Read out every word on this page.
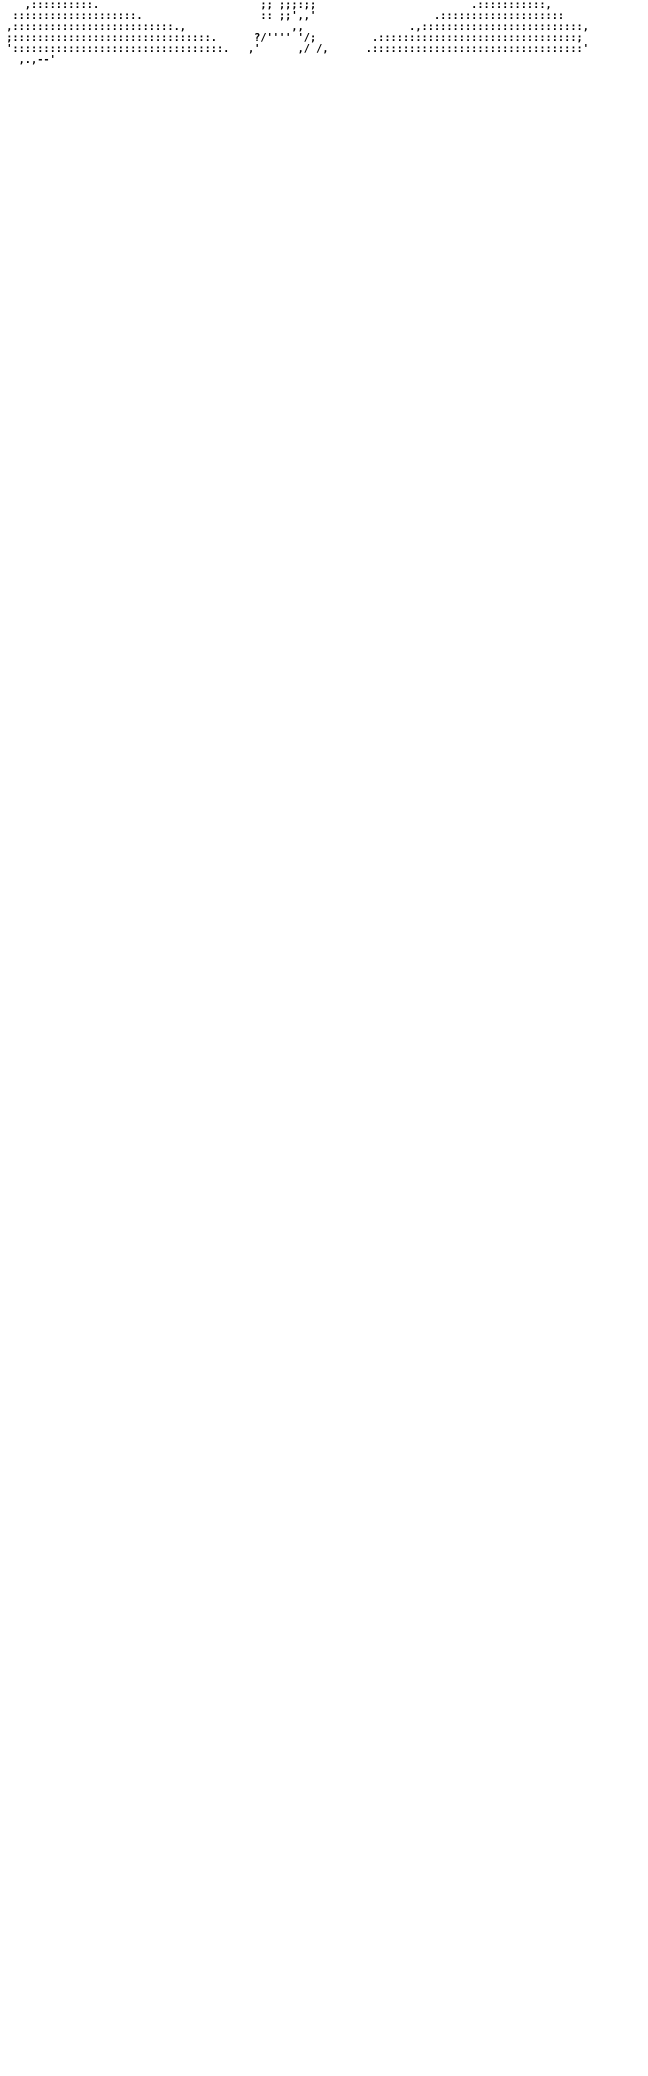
,::::::::::.                          ;; ;;;:;;                         .:::::::::::,
::::::::::::::::::::.                   :: ;;',,'                   .::::::::::::::::::::
,::::::::::::::::::::::::::.,                 ,,                 .,::::::::::::::::::::::::::,
;::::::::::::::::::::::::::::::::.      ?/'''' '/;         .::::::::::::::::::::::::::::::::;
'::::::::::::::::::::::::::::::::::.   ,'      ,/ /,      .::::::::::::::::::::::::::::::::::'
,.,--'
